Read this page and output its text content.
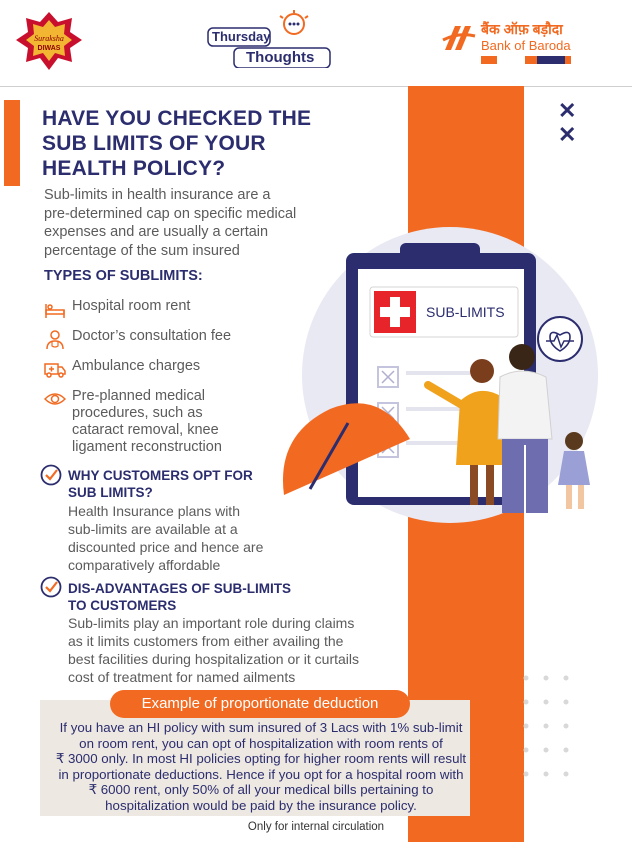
Suraksha
DIWAS
Thursday
Thoughts
बैंक ऑफ़ बड़ौदा
Bank of Baroda
✕
✕
HAVE YOU CHECKED THE
SUB LIMITS OF YOUR
HEALTH POLICY?
Sub-limits in health insurance are a
pre-determined cap on specific medical
expenses and are usually a certain
percentage of the sum insured
TYPES OF SUBLIMITS:
Hospital room rent
Doctor’s consultation fee
Ambulance charges
Pre-planned medical procedures, such as cataract removal, knee ligament reconstruction
WHY CUSTOMERS OPT FOR
SUB LIMITS?
Health Insurance plans with
sub-limits are available at a
discounted price and hence are
comparatively affordable
DIS-ADVANTAGES OF SUB-LIMITS
TO CUSTOMERS
Sub-limits play an important role during claims
as it limits customers from either availing the
best facilities during hospitalization or it curtails
cost of treatment for named ailments
SUB-LIMITS
Example of proportionate deduction
If you have an HI policy with sum insured of 3 Lacs with 1% sub-limit
on room rent, you can opt of hospitalization with room rents of
₹ 3000 only. In most HI policies opting for higher room rents will result
in proportionate deductions. Hence if you opt for a hospital room with
₹ 6000 rent, only 50% of all your medical bills pertaining to
hospitalization would be paid by the insurance policy.
Only for internal circulation
